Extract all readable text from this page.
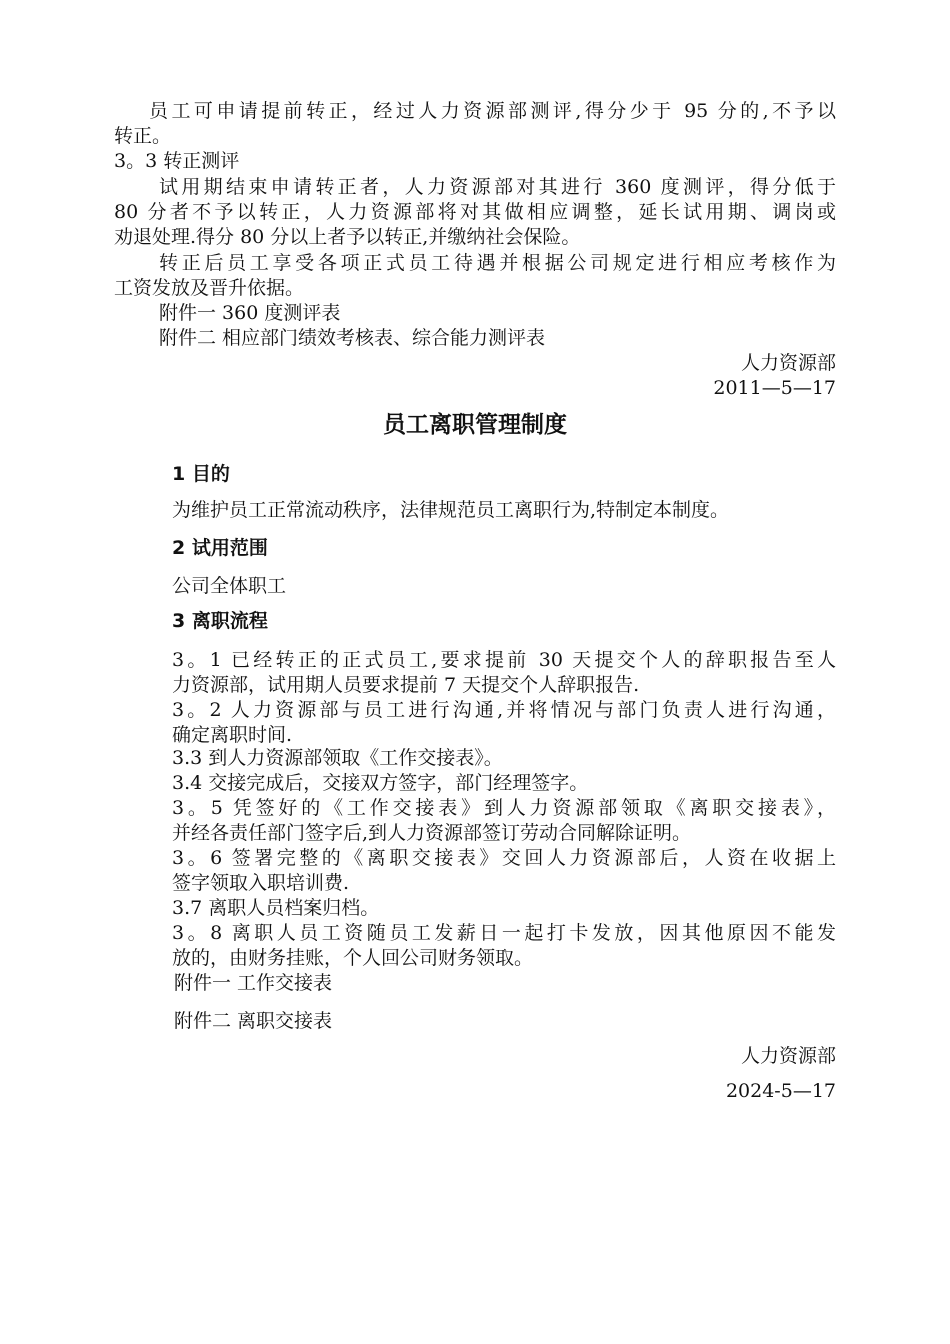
员工可申请提前转正，经过人力资源部测评,得分少于 95 分的,不予以
转正。
3。3 转正测评
试用期结束申请转正者，人力资源部对其进行 360 度测评，得分低于
80 分者不予以转正，人力资源部将对其做相应调整，延长试用期、调岗或
劝退处理.得分 80 分以上者予以转正,并缴纳社会保险。
转正后员工享受各项正式员工待遇并根据公司规定进行相应考核作为
工资发放及晋升依据。
附件一 360 度测评表
附件二 相应部门绩效考核表、综合能力测评表
人力资源部
2011—5—17
员工离职管理制度
1 目的
为维护员工正常流动秩序，法律规范员工离职行为,特制定本制度。
2 试用范围
公司全体职工
3 离职流程
3。1 已经转正的正式员工,要求提前 30 天提交个人的辞职报告至人
力资源部，试用期人员要求提前 7 天提交个人辞职报告.
3。2 人力资源部与员工进行沟通,并将情况与部门负责人进行沟通，
确定离职时间.
3.3 到人力资源部领取《工作交接表》。
3.4 交接完成后，交接双方签字，部门经理签字。
3。5 凭签好的《工作交接表》到人力资源部领取《离职交接表》，
并经各责任部门签字后,到人力资源部签订劳动合同解除证明。
3。6 签署完整的《离职交接表》交回人力资源部后，人资在收据上
签字领取入职培训费.
3.7 离职人员档案归档。
3。8 离职人员工资随员工发薪日一起打卡发放，因其他原因不能发
放的，由财务挂账，个人回公司财务领取。
附件一 工作交接表
附件二 离职交接表
人力资源部
2024-5—17
